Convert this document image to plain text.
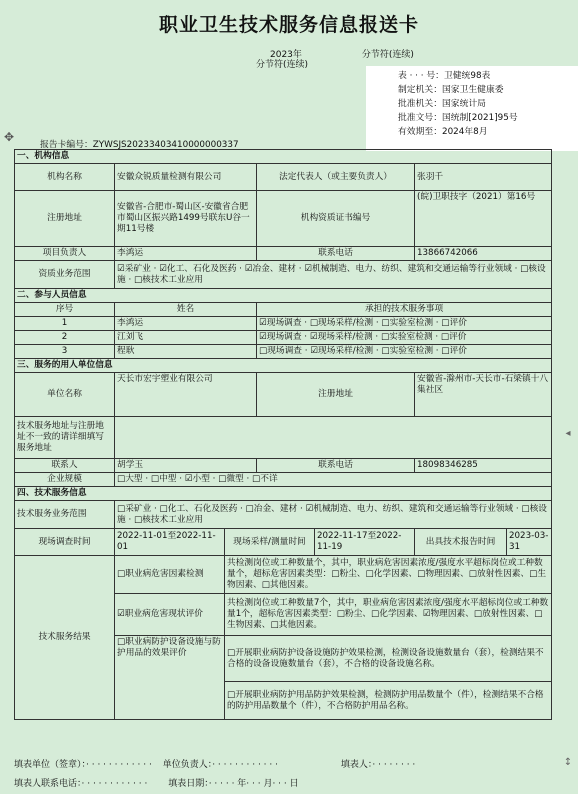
职业卫生技术服务信息报送卡
2023年	分节符(连续)
分节符(连续)
表 · · · 号：卫健统98表
制定机关：国家卫生健康委
批准机关：国家统计局
批准文号：国统制[2021]95号
有效期至：2024年8月
✥
报告卡编号：ZYWSJS20233403410000000337
一、机构信息						
机构名称	安徽众锐质量检测有限公司		法定代表人（或主要负责人）		张羽千	
注册地址	安徽省-合肥市-蜀山区-安徽省合肥市蜀山区振兴路1499号联东U谷一期11号楼		机构资质证书编号		(皖)卫职技字（2021）第16号	
项目负责人	李鸿运		联系电话		13866742066	
资质业务范围	☑采矿业 · ☑化工、石化及医药 · ☑冶金、建材 · ☑机械制造、电力、纺织、建筑和交通运输等行业领域 · □核设施 · □核技术工业应用					
二、参与人员信息						
序号	姓名		承担的技术服务事项			
1	李鸿运		☑现场调查 · □现场采样/检测 · □实验室检测 · □评价			
2	江刘飞		☑现场调查 · ☑现场采样/检测 · □实验室检测 · □评价			
3	程耿		□现场调查 · ☑现场采样/检测 · □实验室检测 · □评价			
三、服务的用人单位信息						
单位名称	天长市宏宇塑业有限公司		注册地址		安徽省-滁州市-天长市-石梁镇十八集社区	
技术服务地址与注册地址不一致的请详细填写服务地址						
联系人	胡学玉		联系电话		18098346285	
企业规模	□大型 · □中型 · ☑小型 · □微型 · □不详					
四、技术服务信息						
技术服务业务范围	□采矿业 · □化工、石化及医药 · □冶金、建材 · ☑机械制造、电力、纺织、建筑和交通运输等行业领域 · □核设施 · □核技术工业应用					
现场调查时间	2022-11-01至2022-11-01	现场采样/测量时间		2022-11-17至2022-11-19	出具技术报告时间	2023-03-31
技术服务结果	□职业病危害因素检测	共检测岗位或工种数量个，其中，职业病危害因素浓度/强度水平超标岗位或工种数量个，超标危害因素类型：□粉尘、□化学因素、□物理因素、□放射性因素、□生物因素、□其他因素。				
	☑职业病危害现状评价	共检测岗位或工种数量7个，其中，职业病危害因素浓度/强度水平超标岗位或工种数量1个，超标危害因素类型：□粉尘、□化学因素、☑物理因素、□放射性因素、□生物因素、□其他因素。				
	□职业病防护设备设施与防护用品的效果评价	□开展职业病防护设备设施防护效果检测，检测设备设施数量台（套），检测结果不合格的设备设施数量台（套），不合格的设备设施名称。				
		□开展职业病防护用品防护效果检测，检测防护用品数量个（件），检测结果不合格的防护用品数量个（件），不合格防护用品名称。				
填表单位（签章）：· · · · · · · · · · · · 单位负责人：· · · · · · · · · · · ·	填表人：· · · · · · · ·
填表人联系电话：· · · · · · · · · · · · 填表日期：· · · · · 年· · · 月· · · 日
◂
↕
